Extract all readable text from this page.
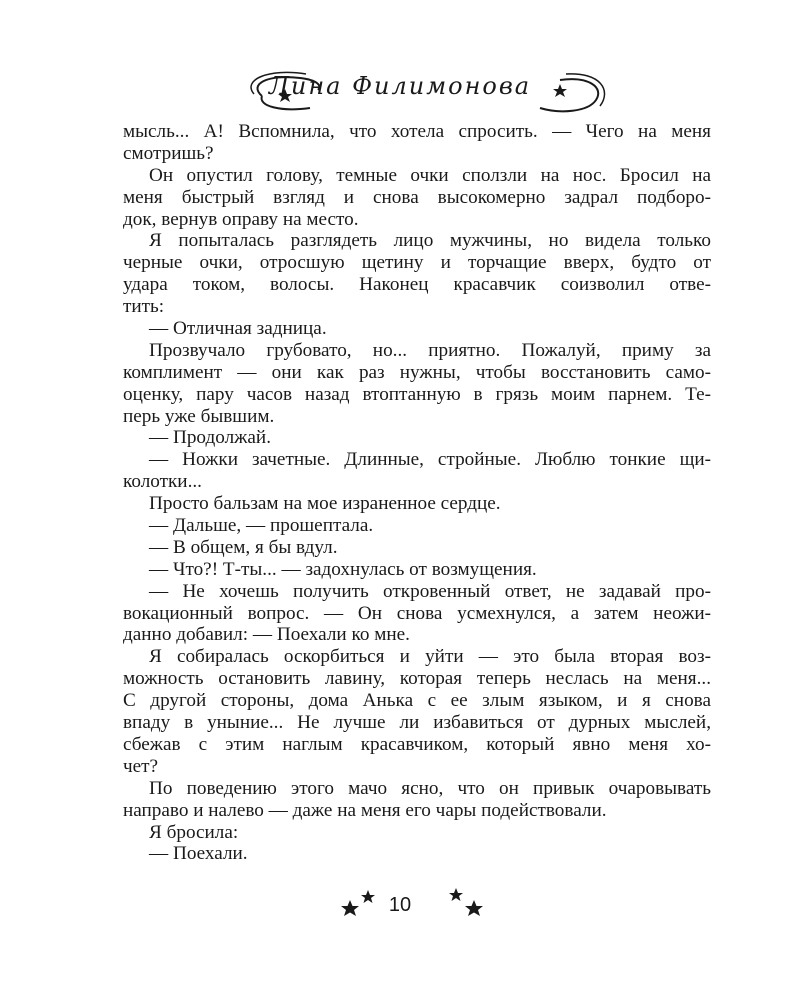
Лина Филимонова
мысль... А! Вспомнила, что хотела спросить. — Чего на меня
смотришь?
Он опустил голову, темные очки сползли на нос. Бросил на
меня быстрый взгляд и снова высокомерно задрал подборо-
док, вернув оправу на место.
Я попыталась разглядеть лицо мужчины, но видела только
черные очки, отросшую щетину и торчащие вверх, будто от
удара током, волосы. Наконец красавчик соизволил отве-
тить:
— Отличная задница.
Прозвучало грубовато, но... приятно. Пожалуй, приму за
комплимент — они как раз нужны, чтобы восстановить само-
оценку, пару часов назад втоптанную в грязь моим парнем. Те-
перь уже бывшим.
— Продолжай.
— Ножки зачетные. Длинные, стройные. Люблю тонкие щи-
колотки...
Просто бальзам на мое израненное сердце.
— Дальше, — прошептала.
— В общем, я бы вдул.
— Что?! Т-ты... — задохнулась от возмущения.
— Не хочешь получить откровенный ответ, не задавай про-
вокационный вопрос. — Он снова усмехнулся, а затем неожи-
данно добавил: — Поехали ко мне.
Я собиралась оскорбиться и уйти — это была вторая воз-
можность остановить лавину, которая теперь неслась на меня...
С другой стороны, дома Анька с ее злым языком, и я снова
впаду в уныние... Не лучше ли избавиться от дурных мыслей,
сбежав с этим наглым красавчиком, который явно меня хо-
чет?
По поведению этого мачо ясно, что он привык очаровывать
направо и налево — даже на меня его чары подействовали.
Я бросила:
— Поехали.
10
